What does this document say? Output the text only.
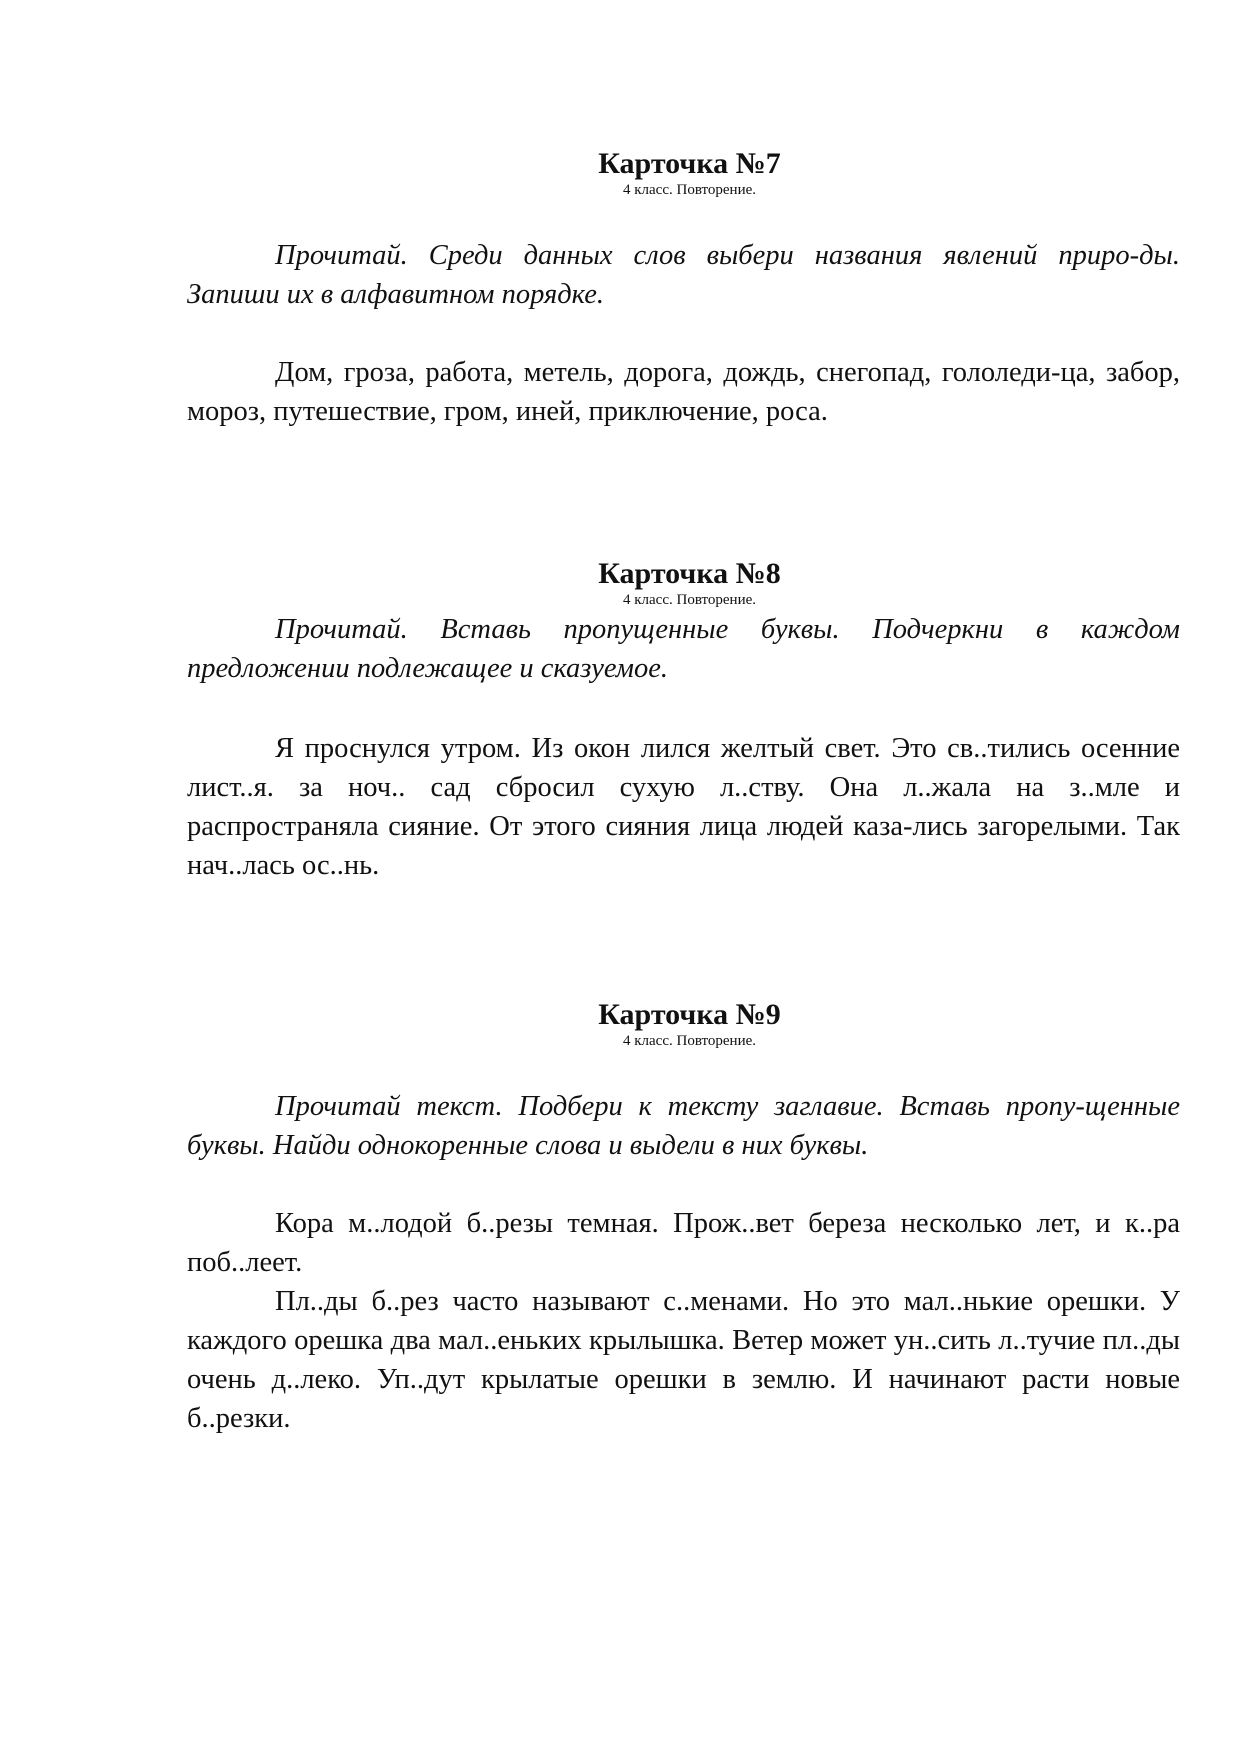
Карточка №7
4 класс. Повторение.

Прочитай. Среди данных слов выбери названия явлений приро-ды. Запиши их в алфавитном порядке.

Дом, гроза, работа, метель, дорога, дождь, снегопад, гололеди-ца, забор, мороз, путешествие, гром, иней, приключение, роса.

Карточка №8
4 класс. Повторение.

Прочитай. Вставь пропущенные буквы. Подчеркни в каждом предложении подлежащее и сказуемое.

Я проснулся утром. Из окон лился желтый свет. Это св..тились осенние лист..я. за ноч.. сад сбросил сухую л..ству. Она л..жала на з..мле и распространяла сияние. От этого сияния лица людей каза-лись загорелыми. Так нач..лась ос..нь.

Карточка №9
4 класс. Повторение.

Прочитай текст. Подбери к тексту заглавие. Вставь пропу-щенные буквы. Найди однокоренные слова и выдели в них буквы.

Кора м..лодой б..резы темная. Прож..вет береза несколько лет, и к..ра поб..леет.

Пл..ды б..рез часто называют с..менами. Но это мал..нькие орешки. У каждого орешка два мал..еньких крылышка. Ветер может ун..сить л..тучие пл..ды очень д..леко. Уп..дут крылатые орешки в землю. И начинают расти новые б..резки.
